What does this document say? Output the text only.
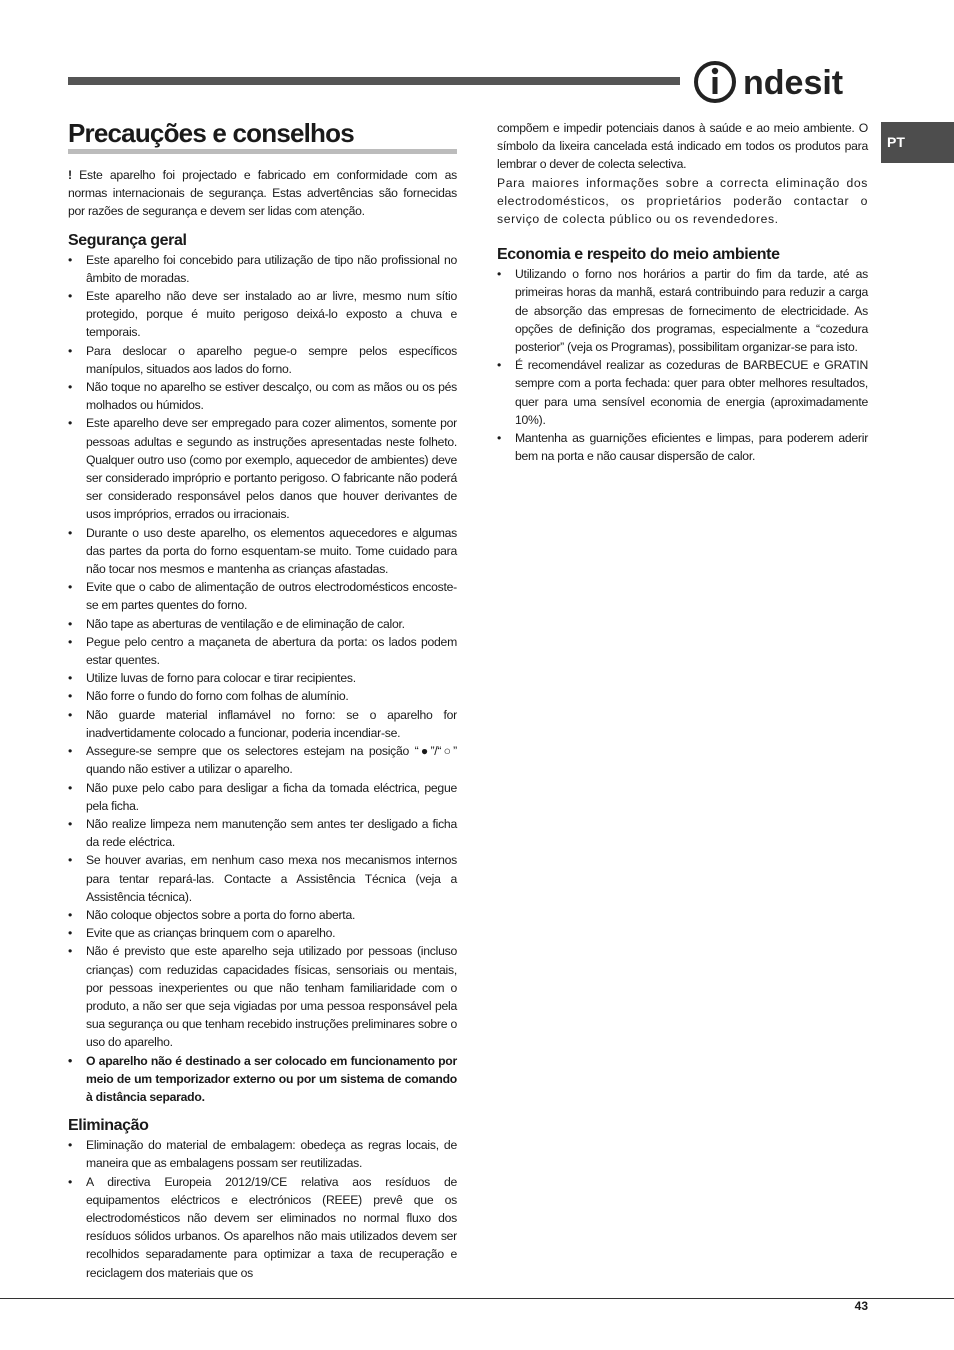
ndesit
PT
Precauções e conselhos

! Este aparelho foi projectado e fabricado em conformidade com as normas internacionais de segurança. Estas advertências são fornecidas por razões de segurança e devem ser lidas com atenção.

Segurança geral
• Este aparelho foi concebido para utilização de tipo não profissional no âmbito de moradas.
• Este aparelho não deve ser instalado ao ar livre, mesmo num sítio protegido, porque é muito perigoso deixá-lo exposto a chuva e temporais.
• Para deslocar o aparelho pegue-o sempre pelos específicos manípulos, situados aos lados do forno.
• Não toque no aparelho se estiver descalço, ou com as mãos ou os pés molhados ou húmidos.
• Este aparelho deve ser empregado para cozer alimentos, somente por pessoas adultas e segundo as instruções apresentadas neste folheto. Qualquer outro uso (como por exemplo, aquecedor de ambientes) deve ser considerado impróprio e portanto perigoso. O fabricante não poderá ser considerado responsável pelos danos que houver derivantes de usos impróprios, errados ou irracionais.
• Durante o uso deste aparelho, os elementos aquecedores e algumas das partes da porta do forno esquentam-se muito. Tome cuidado para não tocar nos mesmos e mantenha as crianças afastadas.
• Evite que o cabo de alimentação de outros electrodomésticos encoste-se em partes quentes do forno.
• Não tape as aberturas de ventilação e de eliminação de calor.
• Pegue pelo centro a maçaneta de abertura da porta: os lados podem estar quentes.
• Utilize luvas de forno para colocar e tirar recipientes.
• Não forre o fundo do forno com folhas de alumínio.
• Não guarde material inflamável no forno: se o aparelho for inadvertidamente colocado a funcionar, poderia incendiar-se.
• Assegure-se sempre que os selectores estejam na posição “●”/“○” quando não estiver a utilizar o aparelho.
• Não puxe pelo cabo para desligar a ficha da tomada eléctrica, pegue pela ficha.
• Não realize limpeza nem manutenção sem antes ter desligado a ficha da rede eléctrica.
• Se houver avarias, em nenhum caso mexa nos mecanismos internos para tentar repará-las. Contacte a Assistência Técnica (veja a Assistência técnica).
• Não coloque objectos sobre a porta do forno aberta.
• Evite que as crianças brinquem com o aparelho.
• Não é previsto que este aparelho seja utilizado por pessoas (incluso crianças) com reduzidas capacidades físicas, sensoriais ou mentais, por pessoas inexperientes ou que não tenham familiaridade com o produto, a não ser que seja vigiadas por uma pessoa responsável pela sua segurança ou que tenham recebido instruções preliminares sobre o uso do aparelho.
• O aparelho não é destinado a ser colocado em funcionamento por meio de um temporizador externo ou por um sistema de comando à distância separado.
Eliminação
• Eliminação do material de embalagem: obedeça as regras locais, de maneira que as embalagens possam ser reutilizadas.
• A directiva Europeia 2012/19/CE relativa aos resíduos de equipamentos eléctricos e electrónicos (REEE) prevê que os electrodomésticos não devem ser eliminados no normal fluxo dos resíduos sólidos urbanos. Os aparelhos não mais utilizados devem ser recolhidos separadamente para optimizar a taxa de recuperação e reciclagem dos materiais que os

compõem e impedir potenciais danos à saúde e ao meio ambiente. O símbolo da lixeira cancelada está indicado em todos os produtos para lembrar o dever de colecta selectiva.

Para maiores informações sobre a correcta eliminação dos electrodomésticos, os proprietários poderão contactar o serviço de colecta público ou os revendedores.

Economia e respeito do meio ambiente
• Utilizando o forno nos horários a partir do fim da tarde, até as primeiras horas da manhã, estará contribuindo para reduzir a carga de absorção das empresas de fornecimento de electricidade. As opções de definição dos programas, especialmente a “cozedura posterior” (veja os Programas), possibilitam organizar-se para isto.
• É recomendável realizar as cozeduras de BARBECUE e GRATIN sempre com a porta fechada: quer para obter melhores resultados, quer para uma sensível economia de energia (aproximadamente 10%).
• Mantenha as guarnições eficientes e limpas, para poderem aderir bem na porta e não causar dispersão de calor.
43
